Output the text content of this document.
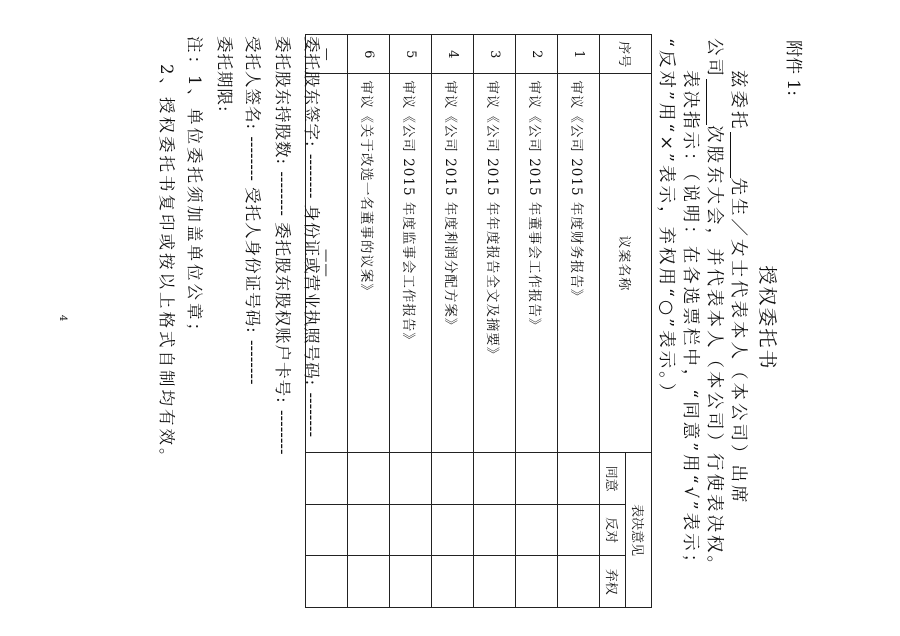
附件 1:
授权委托书
兹委托先生／女士代表本人（本公司）出席
公司次股东大会，并代表本人（本公司）行使表决权。
表决指示：（说明：在各选票栏中，“同意”用“√”表示；
“反对”用“×”表示，弃权用“○”表示。）
序号	议案名称	表决意见		
		同意	反对	弃权
1	审议《公司 2015 年度财务报告》			
2	审议《公司 2015 年董事会工作报告》			
3	审议《公司 2015 年年度报告全文及摘要》			
4	审议《公司 2015 年度利润分配方案》			
5	审议《公司 2015 年度监事会工作报告》			
6	审议《关于改选一名董事的议案》			
—	——			
委托股东签字: -------- 身份证或营业执照号码: --------
委托股东持股数: -------- 委托股东股权账户卡号: --------
受托人签名: -------- 受托人身份证号码: --------
委托期限:
注：1、单位委托须加盖单位公章；
2、授权委托书复印或按以上格式自制均有效。
4
